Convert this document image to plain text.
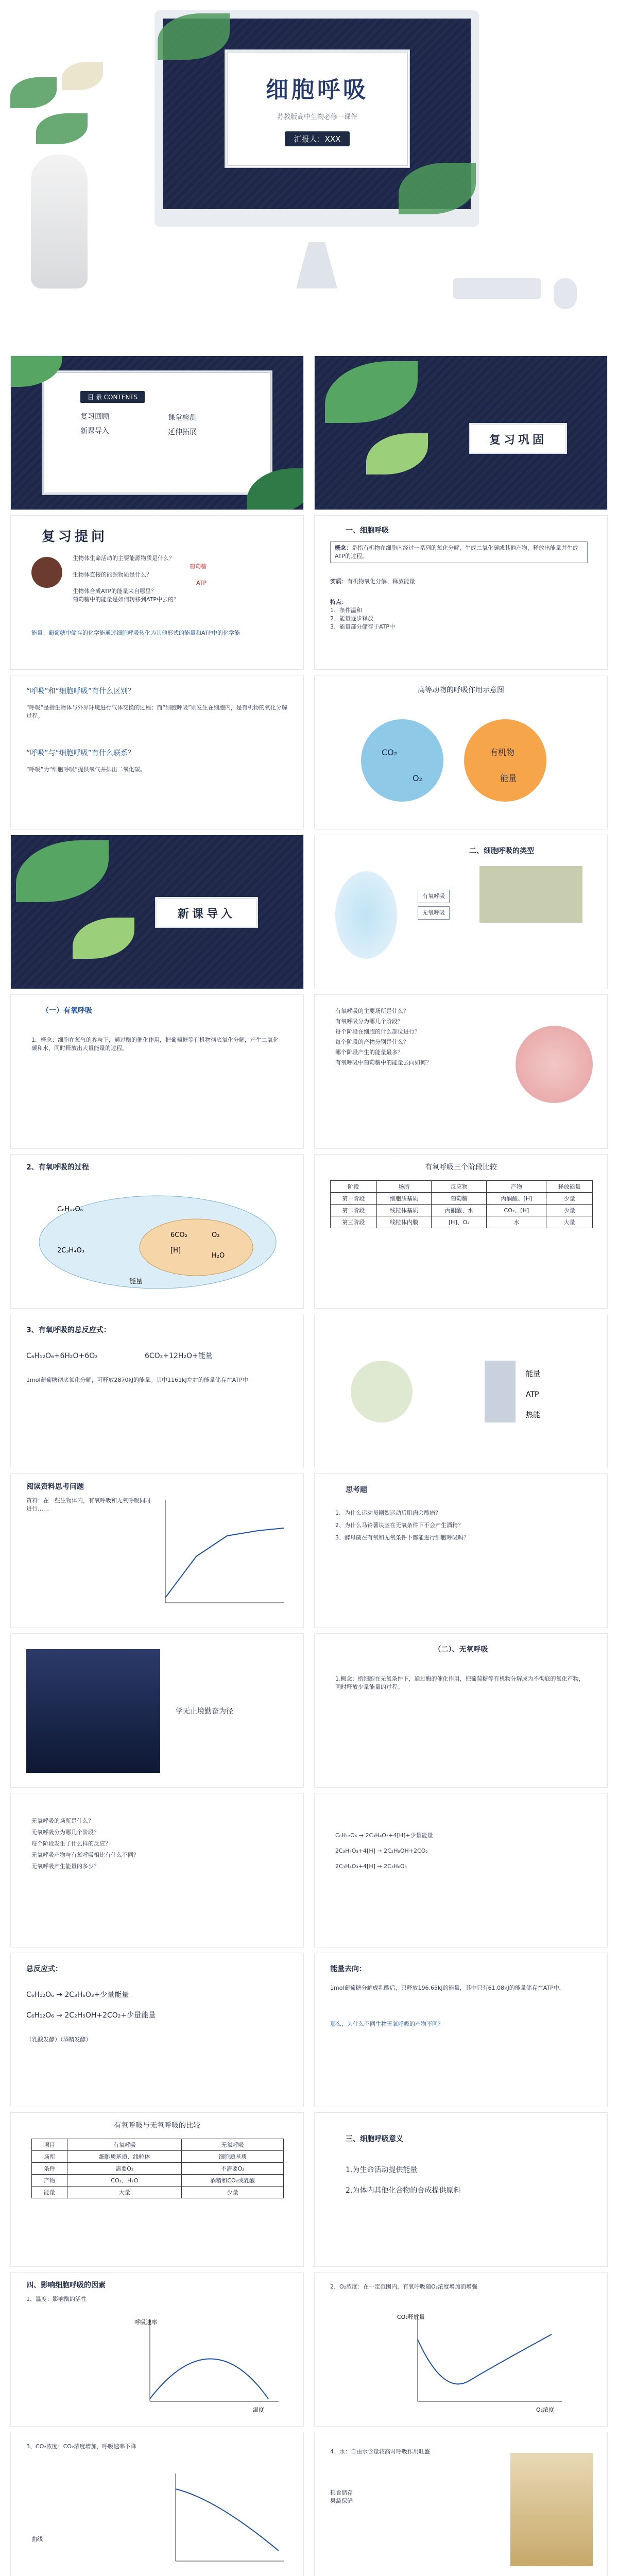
细胞呼吸
苏教版高中生物必修一课件
汇报人：XXX
目 录 CONTENTS
复习回顾
新课导入
课堂检测
延伸拓展
复习巩固
复习提问
生物体生命活动的主要能源物质是什么？
葡萄糖
生物体直接的能源物质是什么？
ATP
生物体合成ATP的能量来自哪里？
葡萄糖中的能量是如何转移到ATP中去的？
能量：葡萄糖中储存的化学能通过细胞呼吸转化为其他形式的能量和ATP中的化学能
一、细胞呼吸
概念：是指有机物在细胞内经过一系列的氧化分解，生成二氧化碳或其他产物，释放出能量并生成ATP的过程。
实质：有机物氧化分解、释放能量
特点：
1、条件温和
2、能量逐步释放
3、能量部分储存于ATP中
“呼吸”和“细胞呼吸”有什么区别？
“呼吸”是指生物体与外界环境进行气体交换的过程；而“细胞呼吸”则发生在细胞内，是有机物的氧化分解过程。
“呼吸”与“细胞呼吸”有什么联系？
“呼吸”为“细胞呼吸”提供氧气并排出二氧化碳。
高等动物的呼吸作用示意图
CO₂
O₂
有机物
能量
新课导入
二、细胞呼吸的类型
有氧呼吸
无氧呼吸
（一）有氧呼吸
1、概念：细胞在氧气的参与下，通过酶的催化作用，把葡萄糖等有机物彻底氧化分解，产生二氧化碳和水，同时释放出大量能量的过程。
有氧呼吸的主要场所是什么？
有氧呼吸分为哪几个阶段？
每个阶段在细胞的什么部位进行？
每个阶段的产物分别是什么？
哪个阶段产生的能量最多？
有氧呼吸中葡萄糖中的能量去向如何？
2、有氧呼吸的过程
C₆H₁₂O₆
2C₃H₄O₃
6CO₂
[H]
O₂
H₂O
能量
有氧呼吸三个阶段比较
阶段	场所	反应物	产物	释放能量
第一阶段	细胞质基质	葡萄糖	丙酮酸、[H]	少量
第二阶段	线粒体基质	丙酮酸、水	CO₂、[H]	少量
第三阶段	线粒体内膜	[H]、O₂	水	大量
3、有氧呼吸的总反应式：
C₆H₁₂O₆+6H₂O+6O₂	6CO₂+12H₂O+能量
1mol葡萄糖彻底氧化分解，可释放2870kJ的能量。其中1161kJ左右的能量储存在ATP中
能量
ATP
热能
阅读资料思考问题
资料：在一些生物体内，有氧呼吸和无氧呼吸同时进行……
思考题
1、为什么运动员剧烈运动后肌肉会酸痛？
2、为什么马铃薯块茎在无氧条件下不会产生酒精？
3、酵母菌在有氧和无氧条件下都能进行细胞呼吸吗？
学无止境勤奋为径
（二）、无氧呼吸
1.概念：指细胞在无氧条件下，通过酶的催化作用，把葡萄糖等有机物分解成为不彻底的氧化产物，同时释放少量能量的过程。
无氧呼吸的场所是什么？
无氧呼吸分为哪几个阶段？
每个阶段发生了什么样的反应？
无氧呼吸产物与有氧呼吸相比有什么不同？
无氧呼吸产生能量的多少？
C₆H₁₂O₆ → 2C₃H₄O₃+4[H]+少量能量
2C₃H₄O₃+4[H] → 2C₂H₅OH+2CO₂
2C₃H₄O₃+4[H] → 2C₃H₆O₃
总反应式：
C₆H₁₂O₆ → 2C₃H₆O₃+少量能量
C₆H₁₂O₆ → 2C₂H₅OH+2CO₂+少量能量
（乳酸发酵）（酒精发酵）
能量去向：
1mol葡萄糖分解成乳酸后，只释放196.65kJ的能量，其中只有61.08kJ的能量储存在ATP中。
那么，为什么不同生物无氧呼吸的产物不同？
有氧呼吸与无氧呼吸的比较
项目	有氧呼吸	无氧呼吸
场所	细胞质基质、线粒体	细胞质基质
条件	需要O₂	不需要O₂
产物	CO₂、H₂O	酒精和CO₂或乳酸
能量	大量	少量
三、细胞呼吸意义
1.为生命活动提供能量
2.为体内其他化合物的合成提供原料
四、影响细胞呼吸的因素
1、温度：影响酶的活性
温度
呼吸速率
2、O₂浓度：在一定范围内，有氧呼吸随O₂浓度增加而增强
O₂浓度
CO₂释放量
3、CO₂浓度：CO₂浓度增加，呼吸速率下降
曲线
4、水：自由水含量较高时呼吸作用旺盛
粮食储存
果蔬保鲜
